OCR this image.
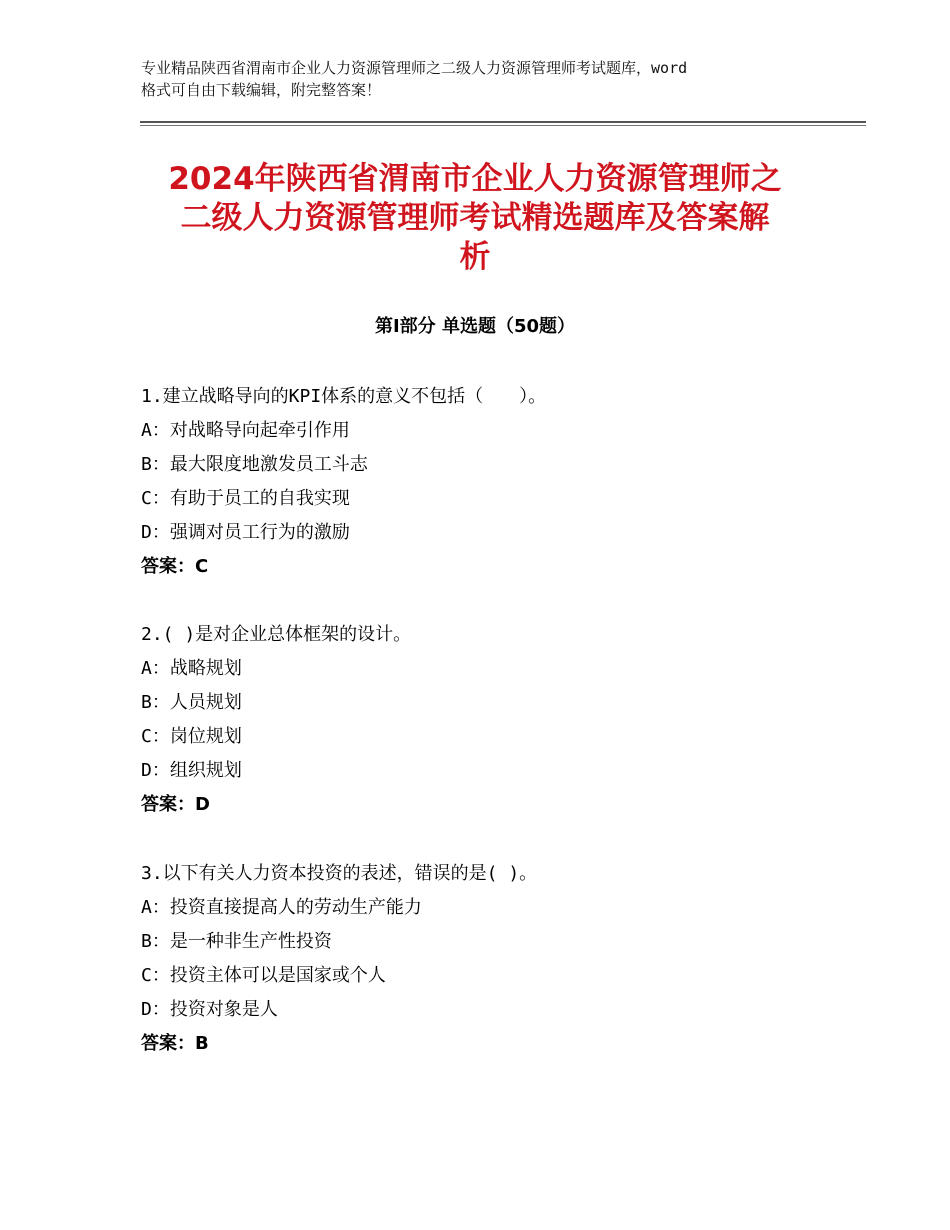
专业精品陕西省渭南市企业人力资源管理师之二级人力资源管理师考试题库，word
格式可自由下载编辑，附完整答案！
2024年陕西省渭南市企业人力资源管理师之
二级人力资源管理师考试精选题库及答案解
析
第Ⅰ部分 单选题（50题）
1.建立战略导向的KPI体系的意义不包括（　　）。
A：对战略导向起牵引作用
B：最大限度地激发员工斗志
C：有助于员工的自我实现
D：强调对员工行为的激励
答案：C
2.( )是对企业总体框架的设计。
A：战略规划
B：人员规划
C：岗位规划
D：组织规划
答案：D
3.以下有关人力资本投资的表述，错误的是( )。
A：投资直接提高人的劳动生产能力
B：是一种非生产性投资
C：投资主体可以是国家或个人
D：投资对象是人
答案：B
